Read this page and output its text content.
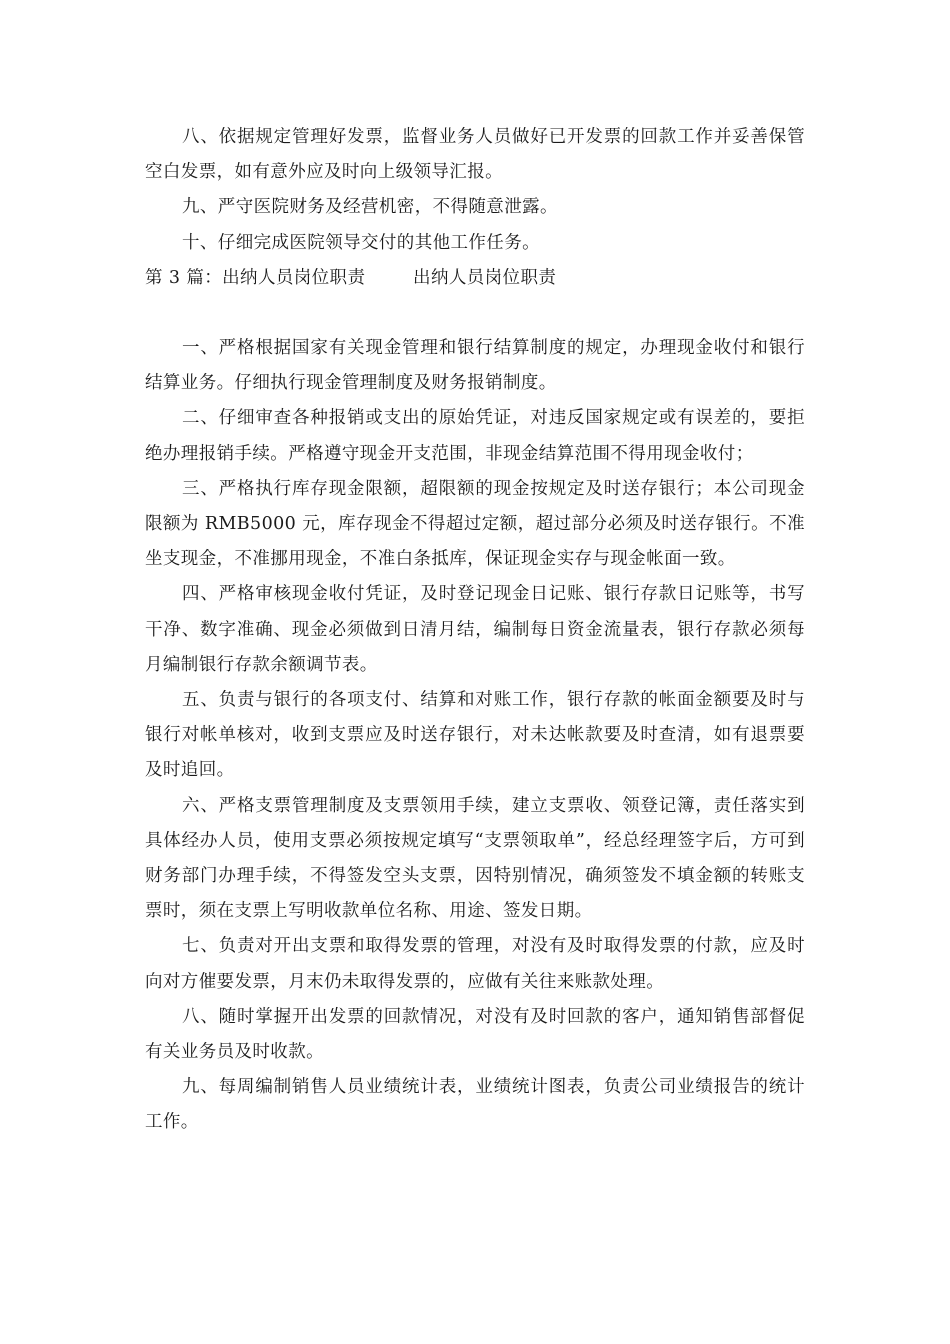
八、依据规定管理好发票，监督业务人员做好已开发票的回款工作并妥善保管空白发票，如有意外应及时向上级领导汇报。

九、严守医院财务及经营机密，不得随意泄露。

十、仔细完成医院领导交付的其他工作任务。

第 3 篇：出纳人员岗位职责        出纳人员岗位职责

一、严格根据国家有关现金管理和银行结算制度的规定，办理现金收付和银行结算业务。仔细执行现金管理制度及财务报销制度。

二、仔细审查各种报销或支出的原始凭证，对违反国家规定或有误差的，要拒绝办理报销手续。严格遵守现金开支范围，非现金结算范围不得用现金收付；

三、严格执行库存现金限额，超限额的现金按规定及时送存银行；本公司现金限额为 RMB5000 元，库存现金不得超过定额，超过部分必须及时送存银行。不准坐支现金，不准挪用现金，不准白条抵库，保证现金实存与现金帐面一致。

四、严格审核现金收付凭证，及时登记现金日记账、银行存款日记账等，书写干净、数字准确、现金必须做到日清月结，编制每日资金流量表，银行存款必须每月编制银行存款余额调节表。

五、负责与银行的各项支付、结算和对账工作，银行存款的帐面金额要及时与银行对帐单核对，收到支票应及时送存银行，对未达帐款要及时查清，如有退票要及时追回。

六、严格支票管理制度及支票领用手续，建立支票收、领登记簿，责任落实到具体经办人员，使用支票必须按规定填写“支票领取单”，经总经理签字后，方可到财务部门办理手续，不得签发空头支票，因特别情况，确须签发不填金额的转账支票时，须在支票上写明收款单位名称、用途、签发日期。

七、负责对开出支票和取得发票的管理，对没有及时取得发票的付款，应及时向对方催要发票，月末仍未取得发票的，应做有关往来账款处理。

八、随时掌握开出发票的回款情况，对没有及时回款的客户，通知销售部督促有关业务员及时收款。

九、每周编制销售人员业绩统计表，业绩统计图表，负责公司业绩报告的统计工作。
